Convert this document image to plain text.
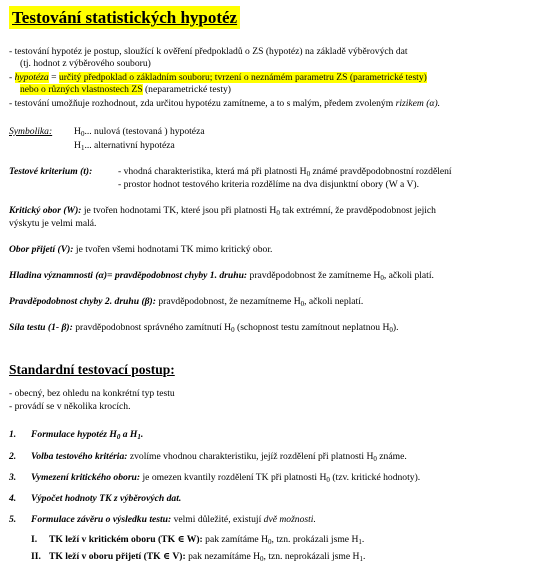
Testování statistických hypotéz
- testování hypotéz je postup, sloužící k ověření předpokladů o ZS (hypotéz) na základě výběrových dat
(tj. hodnot z výběrového souboru)
- hypotéza = určitý předpoklad o základním souboru; tvrzení o neznámém parametru ZS (parametrické testy)
nebo o různých vlastnostech ZS (neparametrické testy)
- testování umožňuje rozhodnout, zda určitou hypotézu zamítneme, a to s malým, předem zvoleným rizikem (α).
Symbolika: $H_0$... nulová (testovaná ) hypotéza
$H_1$... alternativní hypotéza
Testové kriterium (t):	- vhodná charakteristika, která má při platnosti $H_0$ známé pravděpodobnostní rozdělení
- prostor hodnot testového kriteria rozdělíme na dva disjunktní obory (W a V).
Kritický obor (W): je tvořen hodnotami TK, které jsou při platnosti $H_0$ tak extrémní, že pravděpodobnost jejich
výskytu je velmi malá.
Obor přijetí (V): je tvořen všemi hodnotami TK mimo kritický obor.
Hladina významnosti (α)= pravděpodobnost chyby 1. druhu: pravděpodobnost že zamítneme $H_0$, ačkoli platí.
Pravděpodobnost chyby 2. druhu (β): pravděpodobnost, že nezamítneme $H_0$, ačkoli neplatí.
Síla testu (1- β): pravděpodobnost správného zamítnutí $H_0$ (schopnost testu zamítnout neplatnou $H_0$).
Standardní testovací postup:
- obecný, bez ohledu na konkrétní typ testu
- provádí se v několika krocích.
1. Formulace hypotéz $H_0$ a $H_1$.
2. Volba testového kritéria: zvolíme vhodnou charakteristiku, jejíž rozdělení při platnosti $H_0$ známe.
3. Vymezení kritického oboru: je omezen kvantily rozdělení TK při platnosti $H_0$ (tzv. kritické hodnoty).
4. Výpočet hodnoty TK z výběrových dat.
5. Formulace závěru o výsledku testu: velmi důležité, existují dvě možnosti.
I. TK leží v kritickém oboru (TK ∈ W): pak zamítáme $H_0$, tzn. prokázali jsme $H_1$.
II. TK leží v oboru přijetí (TK ∈ V): pak nezamítáme $H_0$, tzn. neprokázali jsme $H_1$.
